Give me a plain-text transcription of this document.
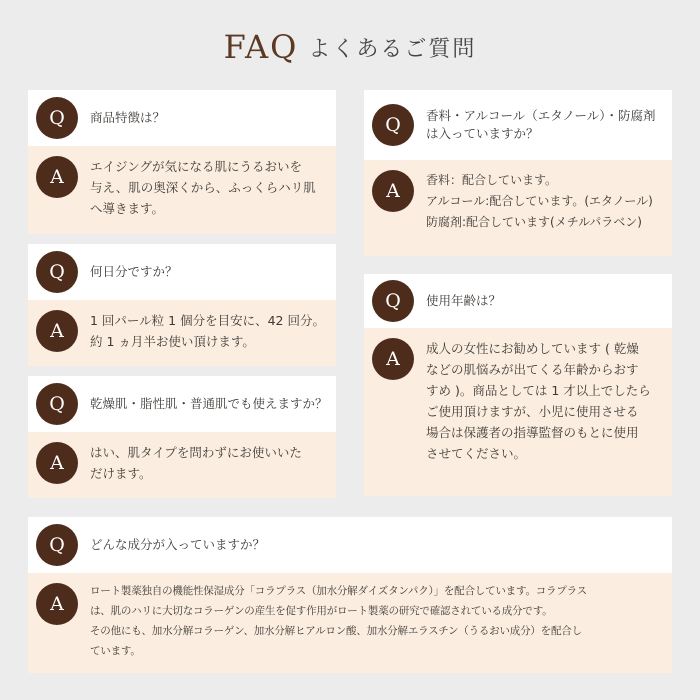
FAQ よくあるご質問
Q	商品特徴は？
A	エイジングが気になる肌にうるおいを
与え、肌の奥深くから、ふっくらハリ肌
へ導きます。
Q	何日分ですか？
A	1 回パール粒 1 個分を目安に、42 回分。
約 1 ヵ月半お使い頂けます。
Q	乾燥肌・脂性肌・普通肌でも使えますか？
A	はい、肌タイプを問わずにお使いいた
だけます。
Q	香料・アルコール（エタノール）・防腐剤
は入っていますか？
A	香料：配合しています。
アルコール:配合しています。(エタノール)
防腐剤:配合しています(メチルパラベン)
Q	使用年齢は？
A	成人の女性にお勧めしています ( 乾燥
などの肌悩みが出てくる年齢からおす
すめ )。商品としては 1 才以上でしたら
ご使用頂けますが、小児に使用させる
場合は保護者の指導監督のもとに使用
させてください。
Q	どんな成分が入っていますか？
A
ロート製薬独自の機能性保湿成分「コラプラス（加水分解ダイズタンパク）」を配合しています。コラプラス
は、肌のハリに大切なコラーゲンの産生を促す作用がロート製薬の研究で確認されている成分です。
その他にも、加水分解コラーゲン、加水分解ヒアルロン酸、加水分解エラスチン（うるおい成分）を配合し
ています。
